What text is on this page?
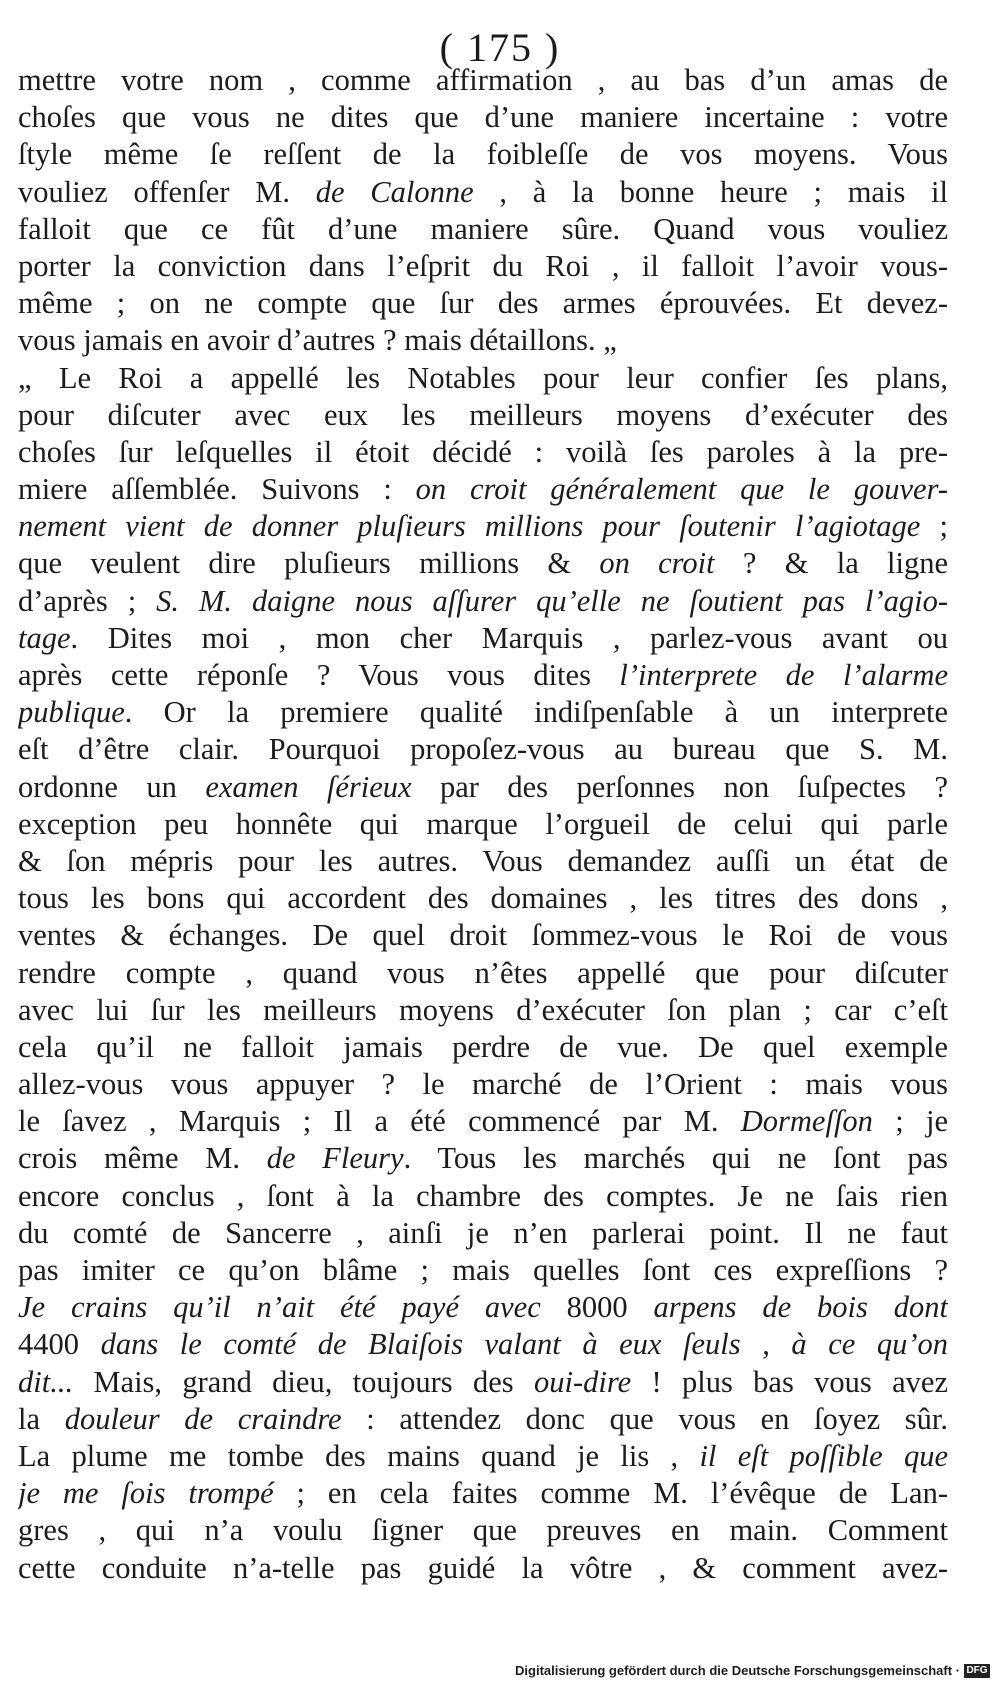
( 175 )
mettre votre nom , comme affirmation , au bas d’un amas de
choſes que vous ne dites que d’une maniere incertaine : votre
ſtyle même ſe reſſent de la foibleſſe de vos moyens. Vous
vouliez offenſer M. de Calonne , à la bonne heure ; mais il
falloit que ce fût d’une maniere sûre. Quand vous vouliez
porter la conviction dans l’eſprit du Roi , il falloit l’avoir vous-
même ; on ne compte que ſur des armes éprouvées. Et devez-
vous jamais en avoir d’autres ? mais détaillons. „
„ Le Roi a appellé les Notables pour leur confier ſes plans,
pour diſcuter avec eux les meilleurs moyens d’exécuter des
choſes ſur leſquelles il étoit décidé : voilà ſes paroles à la pre-
miere aſſemblée. Suivons : on croit généralement que le gouver-
nement vient de donner pluſieurs millions pour ſoutenir l’agiotage ;
que veulent dire pluſieurs millions & on croit ? & la ligne
d’après ; S. M. daigne nous aſſurer qu’elle ne ſoutient pas l’agio-
tage. Dites moi , mon cher Marquis , parlez-vous avant ou
après cette réponſe ? Vous vous dites l’interprete de l’alarme
publique. Or la premiere qualité indiſpenſable à un interprete
eſt d’être clair. Pourquoi propoſez-vous au bureau que S. M.
ordonne un examen ſérieux par des perſonnes non ſuſpectes ?
exception peu honnête qui marque l’orgueil de celui qui parle
& ſon mépris pour les autres. Vous demandez auſſi un état de
tous les bons qui accordent des domaines , les titres des dons ,
ventes & échanges. De quel droit ſommez-vous le Roi de vous
rendre compte , quand vous n’êtes appellé que pour diſcuter
avec lui ſur les meilleurs moyens d’exécuter ſon plan ; car c’eſt
cela qu’il ne falloit jamais perdre de vue. De quel exemple
allez-vous vous appuyer ? le marché de l’Orient : mais vous
le ſavez , Marquis ; Il a été commencé par M. Dormeſſon ; je
crois même M. de Fleury. Tous les marchés qui ne ſont pas
encore conclus , ſont à la chambre des comptes. Je ne ſais rien
du comté de Sancerre , ainſi je n’en parlerai point. Il ne faut
pas imiter ce qu’on blâme ; mais quelles ſont ces expreſſions ?
Je crains qu’il n’ait été payé avec 8000 arpens de bois dont
4400 dans le comté de Blaiſois valant à eux ſeuls , à ce qu’on
dit... Mais, grand dieu, toujours des oui-dire ! plus bas vous avez
la douleur de craindre : attendez donc que vous en ſoyez sûr.
La plume me tombe des mains quand je lis , il eſt poſſible que
je me ſois trompé ; en cela faites comme M. l’évêque de Lan-
gres , qui n’a voulu ſigner que preuves en main. Comment
cette conduite n’a-telle pas guidé la vôtre , & comment avez-
Digitalisierung gefördert durch die Deutsche Forschungsgemeinschaft · DFG
